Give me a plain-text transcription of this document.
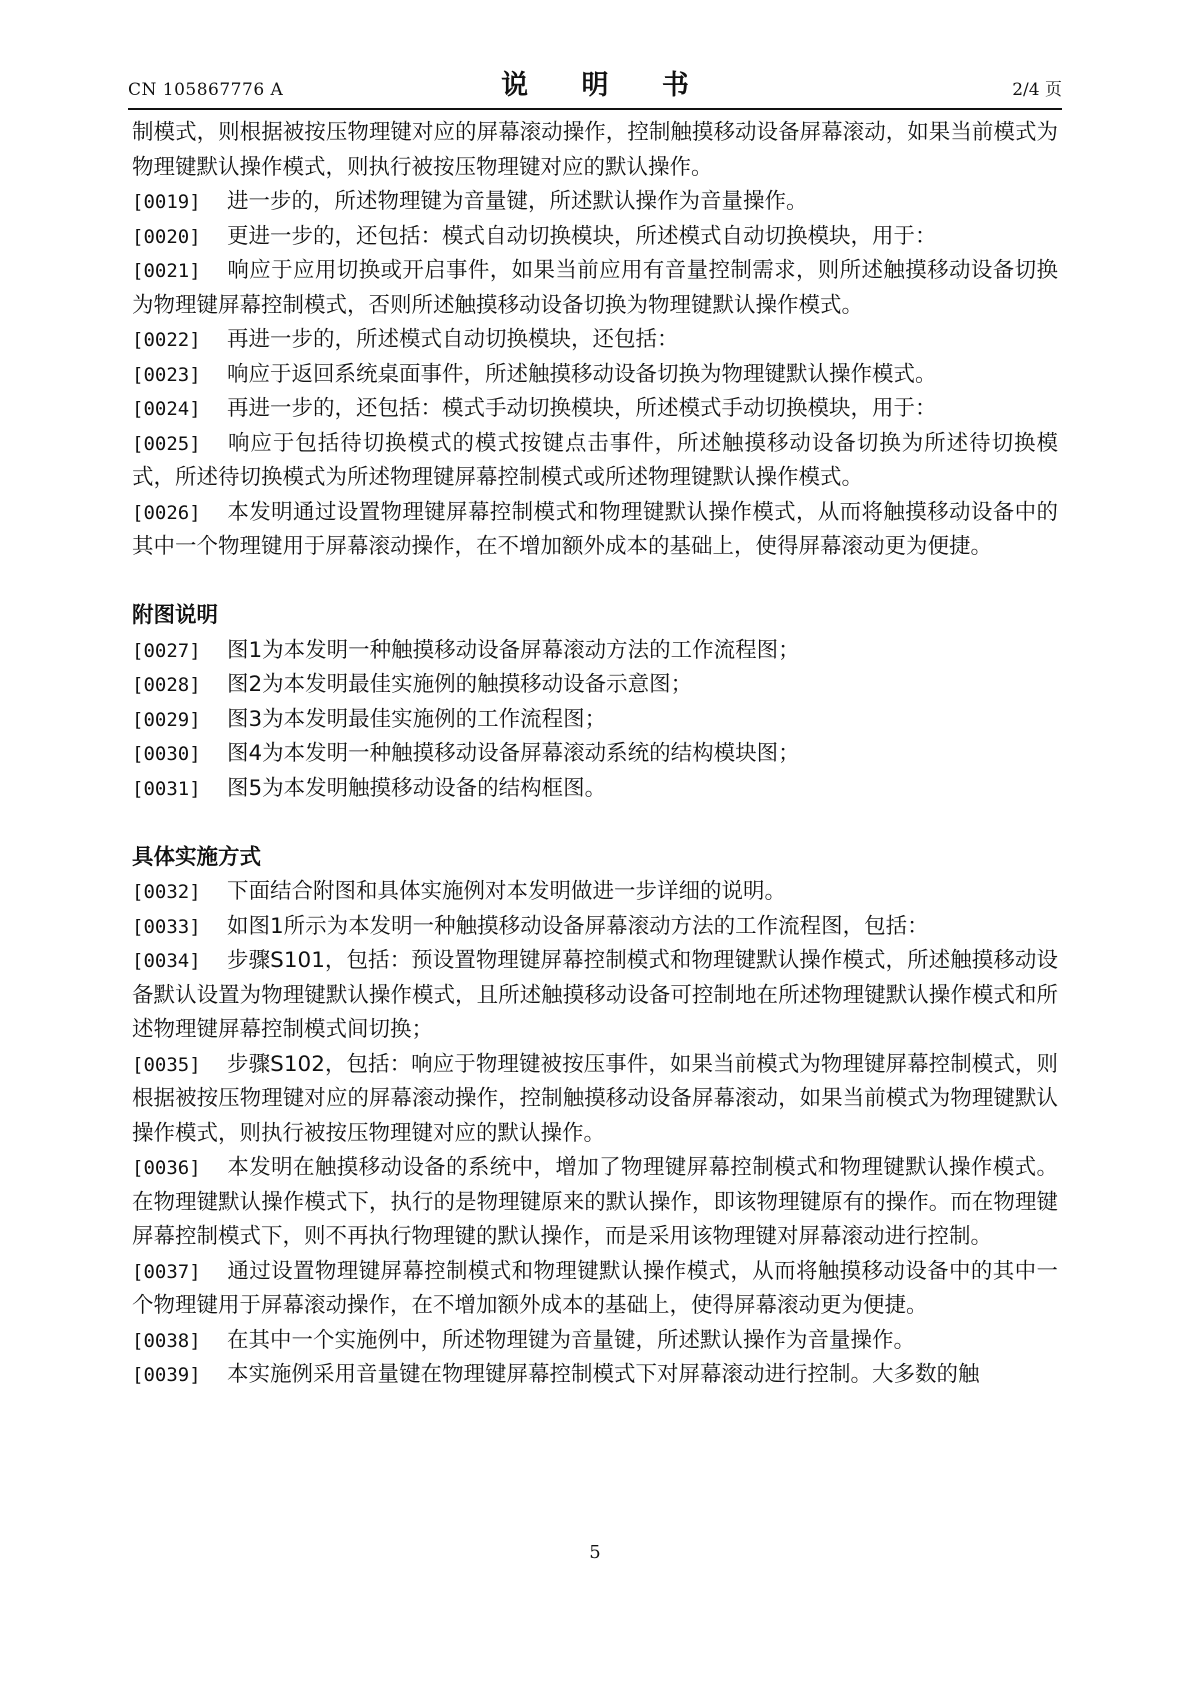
CN 105867776 A	说 明 书	2/4 页

制模式，则根据被按压物理键对应的屏幕滚动操作，控制触摸移动设备屏幕滚动，如果当前模式为物理键默认操作模式，则执行被按压物理键对应的默认操作。

[0019] 进一步的，所述物理键为音量键，所述默认操作为音量操作。

[0020] 更进一步的，还包括：模式自动切换模块，所述模式自动切换模块，用于：

[0021] 响应于应用切换或开启事件，如果当前应用有音量控制需求，则所述触摸移动设备切换为物理键屏幕控制模式，否则所述触摸移动设备切换为物理键默认操作模式。

[0022] 再进一步的，所述模式自动切换模块，还包括：

[0023] 响应于返回系统桌面事件，所述触摸移动设备切换为物理键默认操作模式。

[0024] 再进一步的，还包括：模式手动切换模块，所述模式手动切换模块，用于：

[0025] 响应于包括待切换模式的模式按键点击事件，所述触摸移动设备切换为所述待切换模式，所述待切换模式为所述物理键屏幕控制模式或所述物理键默认操作模式。

[0026] 本发明通过设置物理键屏幕控制模式和物理键默认操作模式，从而将触摸移动设备中的其中一个物理键用于屏幕滚动操作，在不增加额外成本的基础上，使得屏幕滚动更为便捷。

附图说明

[0027] 图1为本发明一种触摸移动设备屏幕滚动方法的工作流程图；

[0028] 图2为本发明最佳实施例的触摸移动设备示意图；

[0029] 图3为本发明最佳实施例的工作流程图；

[0030] 图4为本发明一种触摸移动设备屏幕滚动系统的结构模块图；

[0031] 图5为本发明触摸移动设备的结构框图。

具体实施方式

[0032] 下面结合附图和具体实施例对本发明做进一步详细的说明。

[0033] 如图1所示为本发明一种触摸移动设备屏幕滚动方法的工作流程图，包括：

[0034] 步骤S101，包括：预设置物理键屏幕控制模式和物理键默认操作模式，所述触摸移动设备默认设置为物理键默认操作模式，且所述触摸移动设备可控制地在所述物理键默认操作模式和所述物理键屏幕控制模式间切换；

[0035] 步骤S102，包括：响应于物理键被按压事件，如果当前模式为物理键屏幕控制模式，则根据被按压物理键对应的屏幕滚动操作，控制触摸移动设备屏幕滚动，如果当前模式为物理键默认操作模式，则执行被按压物理键对应的默认操作。

[0036] 本发明在触摸移动设备的系统中，增加了物理键屏幕控制模式和物理键默认操作模式。在物理键默认操作模式下，执行的是物理键原来的默认操作，即该物理键原有的操作。而在物理键屏幕控制模式下，则不再执行物理键的默认操作，而是采用该物理键对屏幕滚动进行控制。

[0037] 通过设置物理键屏幕控制模式和物理键默认操作模式，从而将触摸移动设备中的其中一个物理键用于屏幕滚动操作，在不增加额外成本的基础上，使得屏幕滚动更为便捷。

[0038] 在其中一个实施例中，所述物理键为音量键，所述默认操作为音量操作。

[0039] 本实施例采用音量键在物理键屏幕控制模式下对屏幕滚动进行控制。大多数的触

5
